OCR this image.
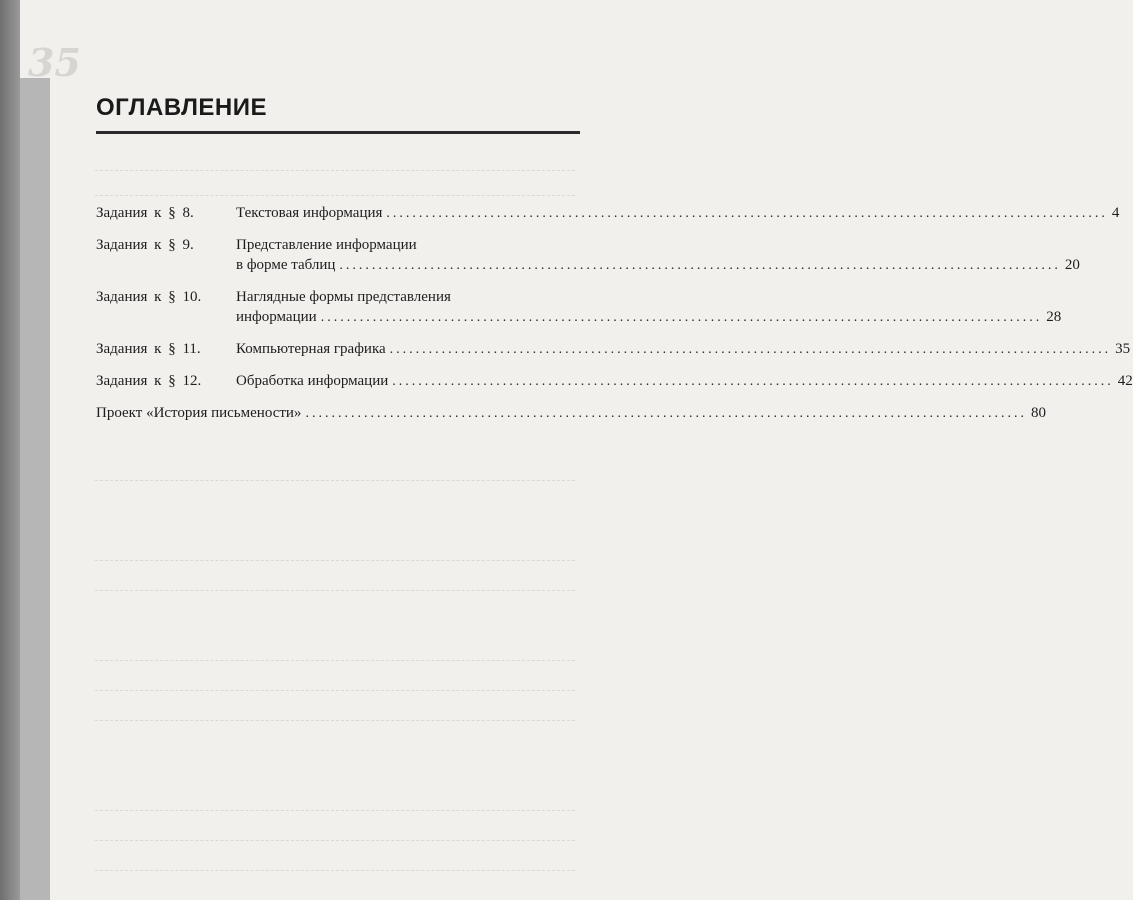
35
ОГЛАВЛЕНИЕ
Задания к § 8.	Текстовая информация ............................................................................................................... 4
Задания к § 9.	Представление информации
в форме таблиц ............................................................................................................... 20
Задания к § 10.	Наглядные формы представления
информации ............................................................................................................... 28
Задания к § 11.	Компьютерная графика ............................................................................................................... 35
Задания к § 12.	Обработка информации ............................................................................................................... 42
Проект «История письмености» ............................................................................................................... 80
